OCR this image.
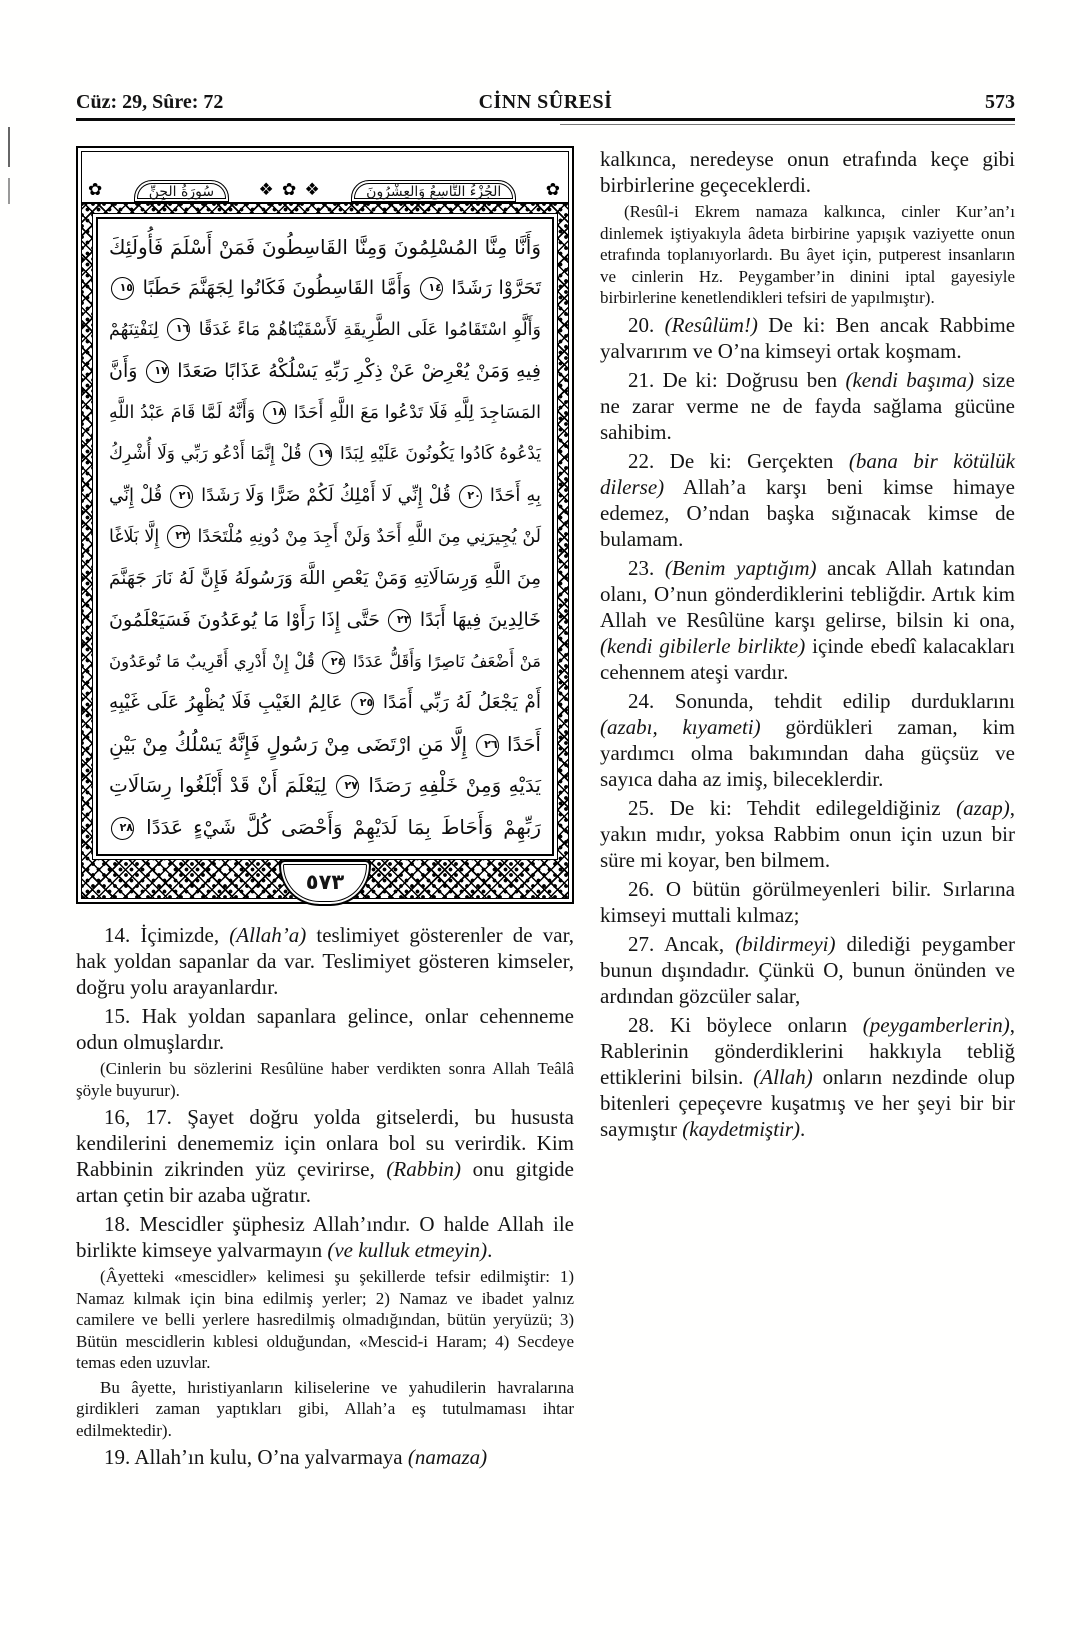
Cüz: 29, Sûre: 72	CİNN SÛRESİ	573
✿	سُورَةُ الجِنِّ	❖ ✿ ❖	الجُزْءُ التَّاسِعُ وَالعِشْرُونَ	✿
وَأَنَّا مِنَّا المُسْلِمُونَ وَمِنَّا القَاسِطُونَ فَمَنْ أَسْلَمَ فَأُولَئِكَ
تَحَرَّوْا رَشَدًا ١٤ وَأَمَّا القَاسِطُونَ فَكَانُوا لِجَهَنَّمَ حَطَبًا ١٥
وَأَلَّوِ اسْتَقَامُوا عَلَى الطَّرِيقَةِ لَأَسْقَيْنَاهُمْ مَاءً غَدَقًا ١٦ لِنَفْتِنَهُمْ
فِيهِ وَمَنْ يُعْرِضْ عَنْ ذِكْرِ رَبِّهِ يَسْلُكْهُ عَذَابًا صَعَدًا ١٧ وَأَنَّ
المَسَاجِدَ لِلَّهِ فَلَا تَدْعُوا مَعَ اللَّهِ أَحَدًا ١٨ وَأَنَّهُ لَمَّا قَامَ عَبْدُ اللَّهِ
يَدْعُوهُ كَادُوا يَكُونُونَ عَلَيْهِ لِبَدًا ١٩ قُلْ إِنَّمَا أَدْعُو رَبِّي وَلَا أُشْرِكُ
بِهِ أَحَدًا ٢٠ قُلْ إِنِّي لَا أَمْلِكُ لَكُمْ ضَرًّا وَلَا رَشَدًا ٢١ قُلْ إِنِّي
لَنْ يُجِيرَنِي مِنَ اللَّهِ أَحَدٌ وَلَنْ أَجِدَ مِنْ دُونِهِ مُلْتَحَدًا ٢٢ إِلَّا بَلَاغًا
مِنَ اللَّهِ وَرِسَالَاتِهِ وَمَنْ يَعْصِ اللَّهَ وَرَسُولَهُ فَإِنَّ لَهُ نَارَ جَهَنَّمَ
خَالِدِينَ فِيهَا أَبَدًا ٢٣ حَتَّى إِذَا رَأَوْا مَا يُوعَدُونَ فَسَيَعْلَمُونَ
مَنْ أَضْعَفُ نَاصِرًا وَأَقَلُّ عَدَدًا ٢٤ قُلْ إِنْ أَدْرِي أَقَرِيبٌ مَا تُوعَدُونَ
أَمْ يَجْعَلُ لَهُ رَبِّي أَمَدًا ٢٥ عَالِمُ الغَيْبِ فَلَا يُظْهِرُ عَلَى غَيْبِهِ
أَحَدًا ٢٦ إِلَّا مَنِ ارْتَضَى مِنْ رَسُولٍ فَإِنَّهُ يَسْلُكُ مِنْ بَيْنِ
يَدَيْهِ وَمِنْ خَلْفِهِ رَصَدًا ٢٧ لِيَعْلَمَ أَنْ قَدْ أَبْلَغُوا رِسَالَاتِ
رَبِّهِمْ وَأَحَاطَ بِمَا لَدَيْهِمْ وَأَحْصَى كُلَّ شَيْءٍ عَدَدًا ٢٨
٥٧٣

14. İçimizde, (Allah’a) teslimiyet gösterenler de var, hak yoldan sapanlar da var. Teslimiyet gösteren kimseler, doğru yolu arayanlardır.

15. Hak yoldan sapanlara gelince, onlar cehenneme odun olmuşlardır.

(Cinlerin bu sözlerini Resûlüne haber verdikten sonra Allah Teâlâ şöyle buyurur).

16, 17. Şayet doğru yolda gitselerdi, bu hususta kendilerini denememiz için onlara bol su verirdik. Kim Rabbinin zikrinden yüz çevirirse, (Rabbin) onu gitgide artan çetin bir azaba uğratır.

18. Mescidler şüphesiz Allah’ındır. O halde Allah ile birlikte kimseye yalvarmayın (ve kulluk etmeyin).

(Âyetteki «mescidler» kelimesi şu şekillerde tefsir edilmiştir: 1) Namaz kılmak için bina edilmiş yerler; 2) Namaz ve ibadet yalnız camilere ve belli yerlere hasredilmiş olmadığından, bütün yeryüzü; 3) Bütün mescidlerin kıblesi olduğundan, «Mescid-i Haram; 4) Secdeye temas eden uzuvlar.

Bu âyette, hıristiyanların kiliselerine ve yahudilerin havralarına girdikleri zaman yaptıkları gibi, Allah’a eş tutulmaması ihtar edilmektedir).

19. Allah’ın kulu, O’na yalvarmaya (namaza)

kalkınca, neredeyse onun etrafında keçe gibi birbirlerine geçeceklerdi.

(Resûl-i Ekrem namaza kalkınca, cinler Kur’an’ı dinlemek iştiyakıyla âdeta birbirine yapışık vaziyette onun etrafında toplanıyorlardı. Bu âyet için, putperest insanların ve cinlerin Hz. Peygamber’in dinini iptal gayesiyle birbirlerine kenetlendikleri tefsiri de yapılmıştır).

20. (Resûlüm!) De ki: Ben ancak Rabbime yalvarırım ve O’na kimseyi ortak koşmam.

21. De ki: Doğrusu ben (kendi başıma) size ne zarar verme ne de fayda sağlama gücüne sahibim.

22. De ki: Gerçekten (bana bir kötülük dilerse) Allah’a karşı beni kimse himaye edemez, O’ndan başka sığınacak kimse de bulamam.

23. (Benim yaptığım) ancak Allah katından olanı, O’nun gönderdiklerini tebliğdir. Artık kim Allah ve Resûlüne karşı gelirse, bilsin ki ona, (kendi gibilerle birlikte) içinde ebedî kalacakları cehennem ateşi vardır.

24. Sonunda, tehdit edilip durduklarını (azabı, kıyameti) gördükleri zaman, kim yardımcı olma bakımından daha güçsüz ve sayıca daha az imiş, bileceklerdir.

25. De ki: Tehdit edilegeldiğiniz (azap), yakın mıdır, yoksa Rabbim onun için uzun bir süre mi koyar, ben bilmem.

26. O bütün görülmeyenleri bilir. Sırlarına kimseyi muttali kılmaz;

27. Ancak, (bildirmeyi) dilediği peygamber bunun dışındadır. Çünkü O, bunun önünden ve ardından gözcüler salar,

28. Ki böylece onların (peygamberlerin), Rablerinin gönderdiklerini hakkıyla tebliğ ettiklerini bilsin. (Allah) onların nezdinde olup bitenleri çepeçevre kuşatmış ve her şeyi bir bir saymıştır (kaydetmiştir).
